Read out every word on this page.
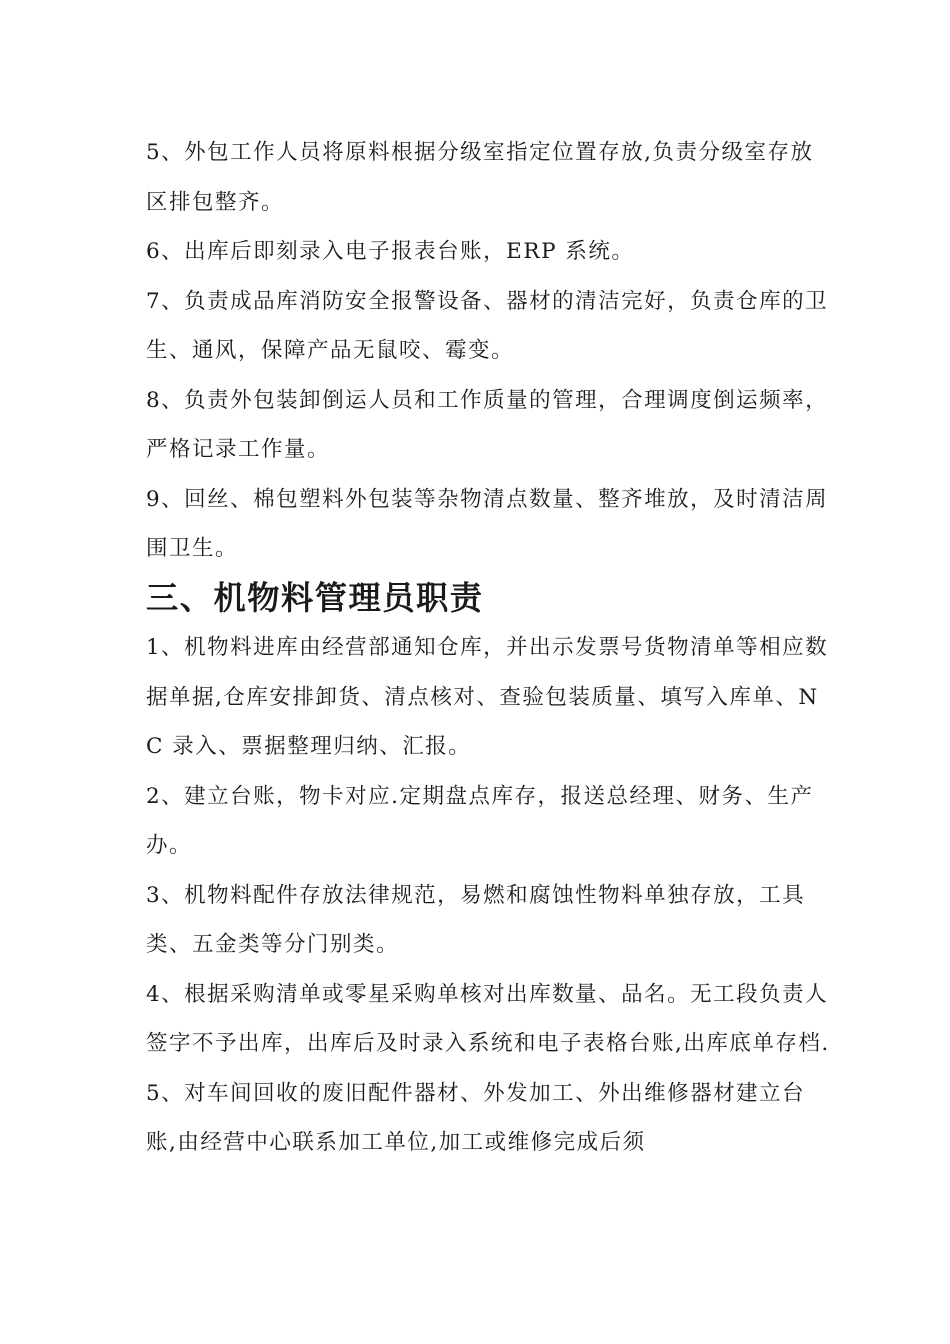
5、外包工作人员将原料根据分级室指定位置存放,负责分级室存放区排包整齐。

6、出库后即刻录入电子报表台账，ERP 系统。

7、负责成品库消防安全报警设备、器材的清洁完好，负责仓库的卫生、通风，保障产品无鼠咬、霉变。

8、负责外包装卸倒运人员和工作质量的管理，合理调度倒运频率，严格记录工作量。

9、回丝、棉包塑料外包装等杂物清点数量、整齐堆放，及时清洁周围卫生。

三、机物料管理员职责

1、机物料进库由经营部通知仓库，并出示发票号货物清单等相应数据单据,仓库安排卸货、清点核对、查验包装质量、填写入库单、NC 录入、票据整理归纳、汇报。

2、建立台账，物卡对应.定期盘点库存，报送总经理、财务、生产办。

3、机物料配件存放法律规范，易燃和腐蚀性物料单独存放，工具类、五金类等分门别类。

4、根据采购清单或零星采购单核对出库数量、品名。无工段负责人签字不予出库，出库后及时录入系统和电子表格台账,出库底单存档.

5、对车间回收的废旧配件器材、外发加工、外出维修器材建立台账,由经营中心联系加工单位,加工或维修完成后须
